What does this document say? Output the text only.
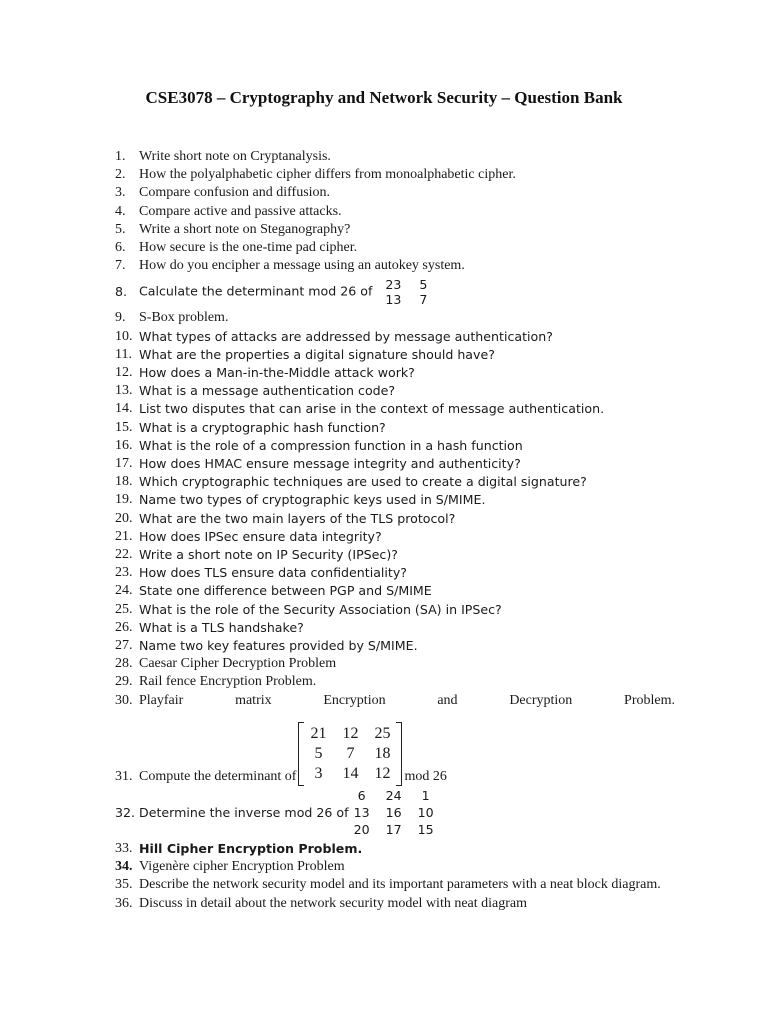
CSE3078 – Cryptography and Network Security – Question Bank
1. Write short note on Cryptanalysis.
2. How the polyalphabetic cipher differs from monoalphabetic cipher.
3. Compare confusion and diffusion.
4. Compare active and passive attacks.
5. Write a short note on Steganography?
6. How secure is the one-time pad cipher.
7. How do you encipher a message using an autokey system.
8. Calculate the determinant mod 26 of	23	5
13	7
9. S-Box problem.
10. What types of attacks are addressed by message authentication?
11. What are the properties a digital signature should have?
12. How does a Man-in-the-Middle attack work?
13. What is a message authentication code?
14. List two disputes that can arise in the context of message authentication.
15. What is a cryptographic hash function?
16. What is the role of a compression function in a hash function
17. How does HMAC ensure message integrity and authenticity?
18. Which cryptographic techniques are used to create a digital signature?
19. Name two types of cryptographic keys used in S/MIME.
20. What are the two main layers of the TLS protocol?
21. How does IPSec ensure data integrity?
22. Write a short note on IP Security (IPSec)?
23. How does TLS ensure data confidentiality?
24. State one difference between PGP and S/MIME
25. What is the role of the Security Association (SA) in IPSec?
26. What is a TLS handshake?
27. Name two key features provided by S/MIME.
28. Caesar Cipher Decryption Problem
29. Rail fence Encryption Problem.
30. Playfair	matrix	Encryption	and	Decryption	Problem.
31. Compute the determinant of
21	12	25
5	7	18
3	14	12	mod 26
32. Determine the inverse mod 26 of
6	24	1
13	16	10
20	17	15
33. Hill Cipher Encryption Problem.
34. Vigenère cipher Encryption Problem
35. Describe the network security model and its important parameters with a neat block diagram.
36. Discuss in detail about the network security model with neat diagram
